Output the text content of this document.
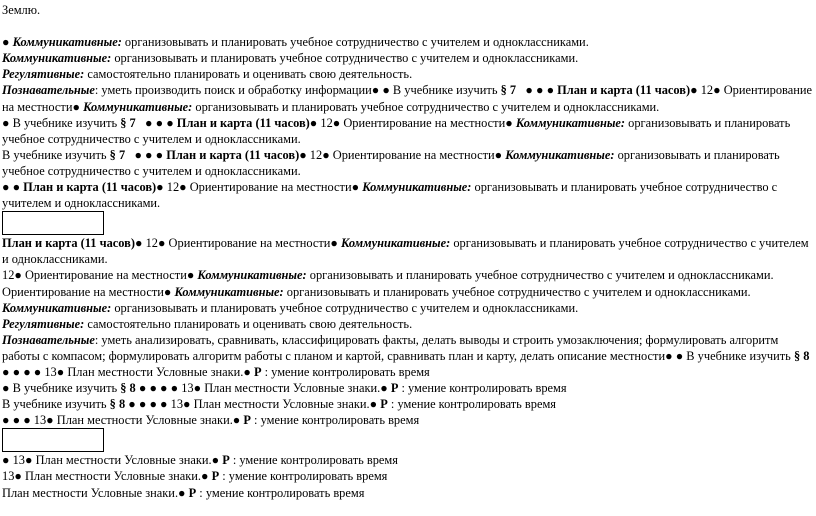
Землю.

● Коммуникативные: организовывать и планировать учебное сотрудничество с учителем и одноклассниками.

Коммуникативные: организовывать и планировать учебное сотрудничество с учителем и одноклассниками.

Регулятивные: самостоятельно планировать и оценивать свою деятельность.

Познавательные: уметь производить поиск и обработку информации● ● В учебнике изучить § 7 ● ● ● План и карта (11 часов)● 12● Ориентирование на местности● Коммуникативные: организовывать и планировать учебное сотрудничество с учителем и одноклассниками.

● В учебнике изучить § 7 ● ● ● План и карта (11 часов)● 12● Ориентирование на местности● Коммуникативные: организовывать и планировать учебное сотрудничество с учителем и одноклассниками.

В учебнике изучить § 7 ● ● ● План и карта (11 часов)● 12● Ориентирование на местности● Коммуникативные: организовывать и планировать учебное сотрудничество с учителем и одноклассниками.

● ● План и карта (11 часов)● 12● Ориентирование на местности● Коммуникативные: организовывать и планировать учебное сотрудничество с учителем и одноклассниками.

План и карта (11 часов)● 12● Ориентирование на местности● Коммуникативные: организовывать и планировать учебное сотрудничество с учителем и одноклассниками.

12● Ориентирование на местности● Коммуникативные: организовывать и планировать учебное сотрудничество с учителем и одноклассниками.

Ориентирование на местности● Коммуникативные: организовывать и планировать учебное сотрудничество с учителем и одноклассниками.

Коммуникативные: организовывать и планировать учебное сотрудничество с учителем и одноклассниками.

Регулятивные: самостоятельно планировать и оценивать свою деятельность.

Познавательные: уметь анализировать, сравнивать, классифицировать факты, делать выводы и строить умозаключения; формулировать алгоритм работы с компасом; формулировать алгоритм работы с планом и картой, сравнивать план и карту, делать описание местности● ● В учебнике изучить § 8 ● ● ● ● 13● План местности Условные знаки.● Р : умение контролировать время

● В учебнике изучить § 8 ● ● ● ● 13● План местности Условные знаки.● Р : умение контролировать время

В учебнике изучить § 8 ● ● ● ● 13● План местности Условные знаки.● Р : умение контролировать время

● ● ● 13● План местности Условные знаки.● Р : умение контролировать время

● 13● План местности Условные знаки.● Р : умение контролировать время

13● План местности Условные знаки.● Р : умение контролировать время

План местности Условные знаки.● Р : умение контролировать время
